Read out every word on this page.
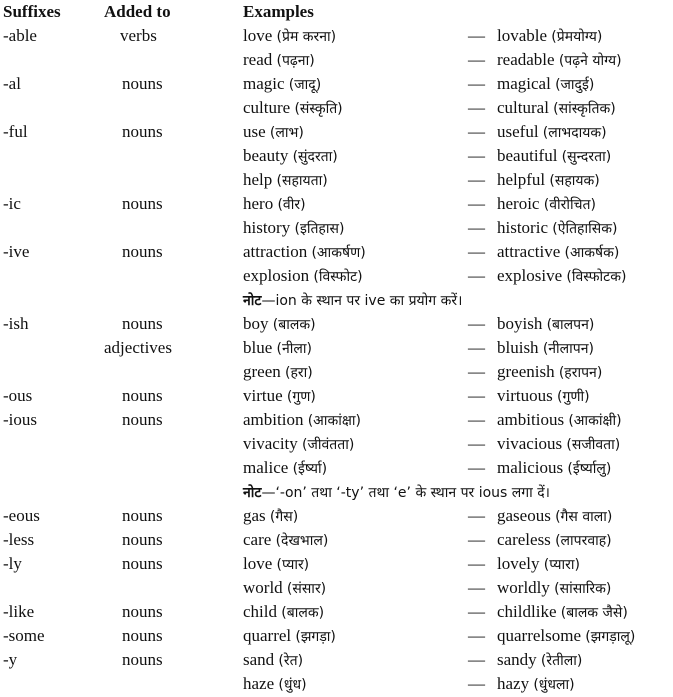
Suffixes	Added to	Examples
-able	verbs	love (प्रेम करना)	— lovable (प्रेमयोग्य)
read (पढ़ना)	— readable (पढ़ने योग्य)
-al	nouns	magic (जादू)	— magical (जादुई)
culture (संस्कृति)	— cultural (सांस्कृतिक)
-ful	nouns	use (लाभ)	— useful (लाभदायक)
beauty (सुंदरता)	— beautiful (सुन्दरता)
help (सहायता)	— helpful (सहायक)
-ic	nouns	hero (वीर)	— heroic (वीरोचित)
history (इतिहास)	— historic (ऐतिहासिक)
-ive	nouns	attraction (आकर्षण)	— attractive (आकर्षक)
explosion (विस्फोट)	— explosive (विस्फोटक)
नोट—ion के स्थान पर ive का प्रयोग करें।
-ish	nouns	boy (बालक)	— boyish (बालपन)
adjectives	blue (नीला)	— bluish (नीलापन)
green (हरा)	— greenish (हरापन)
-ous	nouns	virtue (गुण)	— virtuous (गुणी)
-ious	nouns	ambition (आकांक्षा)	— ambitious (आकांक्षी)
vivacity (जीवंतता)	— vivacious (सजीवता)
malice (ईर्ष्या)	— malicious (ईर्ष्यालु)
नोट—‘-on’ तथा ‘-ty’ तथा ‘e’ के स्थान पर ious लगा दें।
-eous	nouns	gas (गैस)	— gaseous (गैस वाला)
-less	nouns	care (देखभाल)	— careless (लापरवाह)
-ly	nouns	love (प्यार)	— lovely (प्यारा)
world (संसार)	— worldly (सांसारिक)
-like	nouns	child (बालक)	— childlike (बालक जैसे)
-some	nouns	quarrel (झगड़ा)	— quarrelsome (झगड़ालू)
-y	nouns	sand (रेत)	— sandy (रेतीला)
haze (धुंध)	— hazy (धुंधला)
